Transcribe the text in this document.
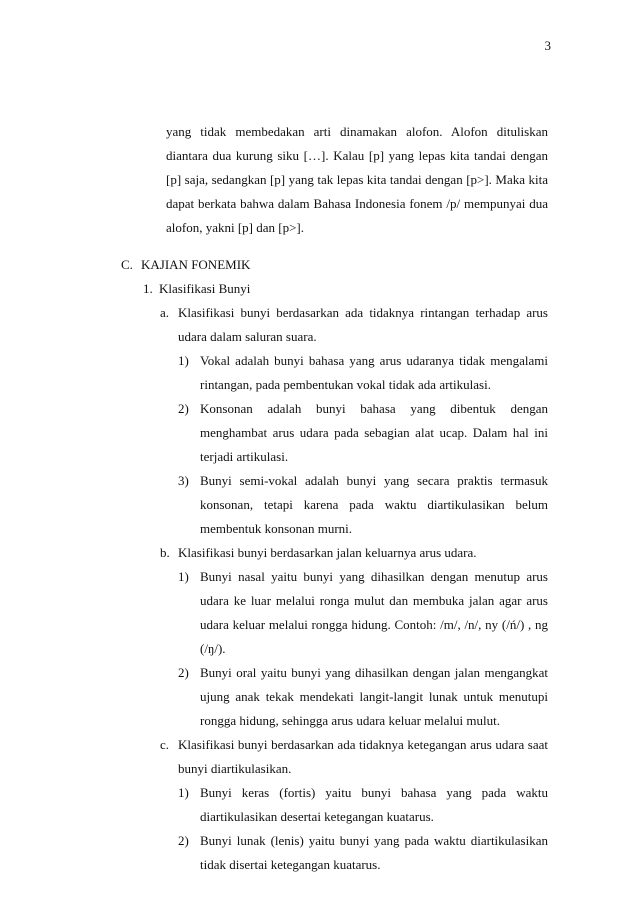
3
yang tidak membedakan arti dinamakan alofon. Alofon dituliskan diantara dua kurung siku […]. Kalau [p] yang lepas kita tandai dengan [p] saja, sedangkan [p] yang tak lepas kita tandai dengan [p>]. Maka kita dapat berkata bahwa dalam Bahasa Indonesia fonem /p/ mempunyai dua alofon, yakni [p] dan [p>].
C. KAJIAN FONEMIK
1. Klasifikasi Bunyi
a. Klasifikasi bunyi berdasarkan ada tidaknya rintangan terhadap arus udara dalam saluran suara.
1) Vokal adalah bunyi bahasa yang arus udaranya tidak mengalami rintangan, pada pembentukan vokal tidak ada artikulasi.
2) Konsonan adalah bunyi bahasa yang dibentuk dengan menghambat arus udara pada sebagian alat ucap. Dalam hal ini terjadi artikulasi.
3) Bunyi semi-vokal adalah bunyi yang secara praktis termasuk konsonan, tetapi karena pada waktu diartikulasikan belum membentuk konsonan murni.
b. Klasifikasi bunyi berdasarkan jalan keluarnya arus udara.
1) Bunyi nasal yaitu bunyi yang dihasilkan dengan menutup arus udara ke luar melalui ronga mulut dan membuka jalan agar arus udara keluar melalui rongga hidung. Contoh: /m/, /n/, ny (/ń/) , ng (/ŋ/).
2) Bunyi oral yaitu bunyi yang dihasilkan dengan jalan mengangkat ujung anak tekak mendekati langit-langit lunak untuk menutupi rongga hidung, sehingga arus udara keluar melalui mulut.
c. Klasifikasi bunyi berdasarkan ada tidaknya ketegangan arus udara saat bunyi diartikulasikan.
1) Bunyi keras (fortis) yaitu bunyi bahasa yang pada waktu diartikulasikan desertai ketegangan kuatarus.
2) Bunyi lunak (lenis) yaitu bunyi yang pada waktu diartikulasikan tidak disertai ketegangan kuatarus.
